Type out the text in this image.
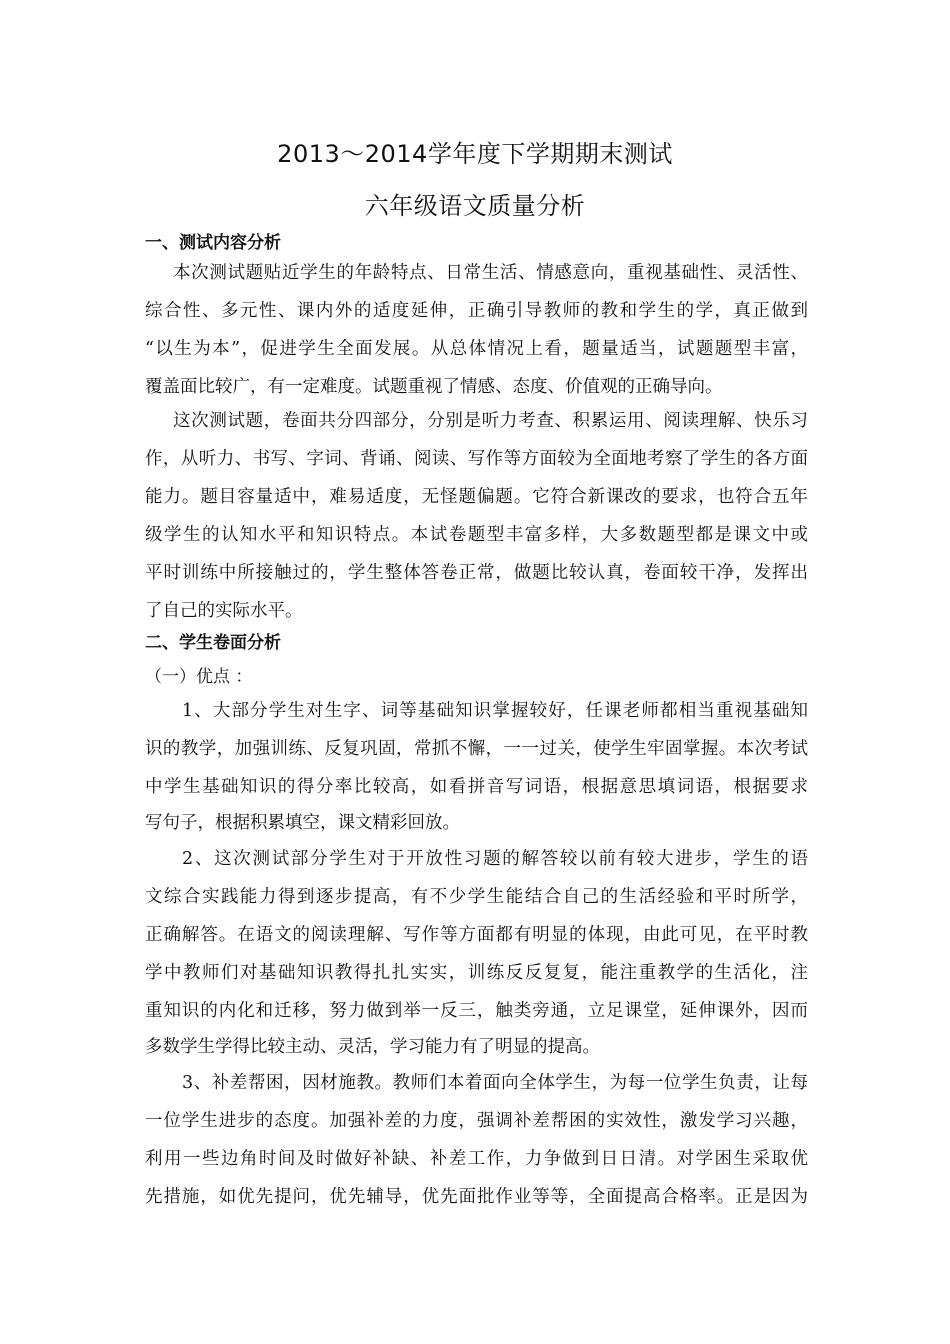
2013～2014学年度下学期期末测试
六年级语文质量分析
一、测试内容分析
本次测试题贴近学生的年龄特点、日常生活、情感意向，重视基础性、灵活性、
综合性、多元性、课内外的适度延伸，正确引导教师的教和学生的学，真正做到
“以生为本”，促进学生全面发展。从总体情况上看，题量适当，试题题型丰富，
覆盖面比较广，有一定难度。试题重视了情感、态度、价值观的正确导向。
这次测试题，卷面共分四部分，分别是听力考查、积累运用、阅读理解、快乐习
作，从听力、书写、字词、背诵、阅读、写作等方面较为全面地考察了学生的各方面
能力。题目容量适中，难易适度，无怪题偏题。它符合新课改的要求，也符合五年
级学生的认知水平和知识特点。本试卷题型丰富多样，大多数题型都是课文中或
平时训练中所接触过的，学生整体答卷正常，做题比较认真，卷面较干净，发挥出
了自己的实际水平。
二、学生卷面分析
（一）优点 ：
1、大部分学生对生字、词等基础知识掌握较好，任课老师都相当重视基础知
识的教学，加强训练、反复巩固，常抓不懈，一一过关，使学生牢固掌握。本次考试
中学生基础知识的得分率比较高，如看拼音写词语，根据意思填词语，根据要求
写句子，根据积累填空，课文精彩回放。
2、这次测试部分学生对于开放性习题的解答较以前有较大进步，学生的语
文综合实践能力得到逐步提高，有不少学生能结合自己的生活经验和平时所学，
正确解答。在语文的阅读理解、写作等方面都有明显的体现，由此可见，在平时教
学中教师们对基础知识教得扎扎实实，训练反反复复，能注重教学的生活化，注
重知识的内化和迁移，努力做到举一反三，触类旁通，立足课堂，延伸课外，因而
多数学生学得比较主动、灵活，学习能力有了明显的提高。
3、补差帮困，因材施教。教师们本着面向全体学生，为每一位学生负责，让每
一位学生进步的态度。加强补差的力度，强调补差帮困的实效性，激发学习兴趣，
利用一些边角时间及时做好补缺、补差工作，力争做到日日清。对学困生采取优
先措施，如优先提问，优先辅导，优先面批作业等等，全面提高合格率。正是因为
